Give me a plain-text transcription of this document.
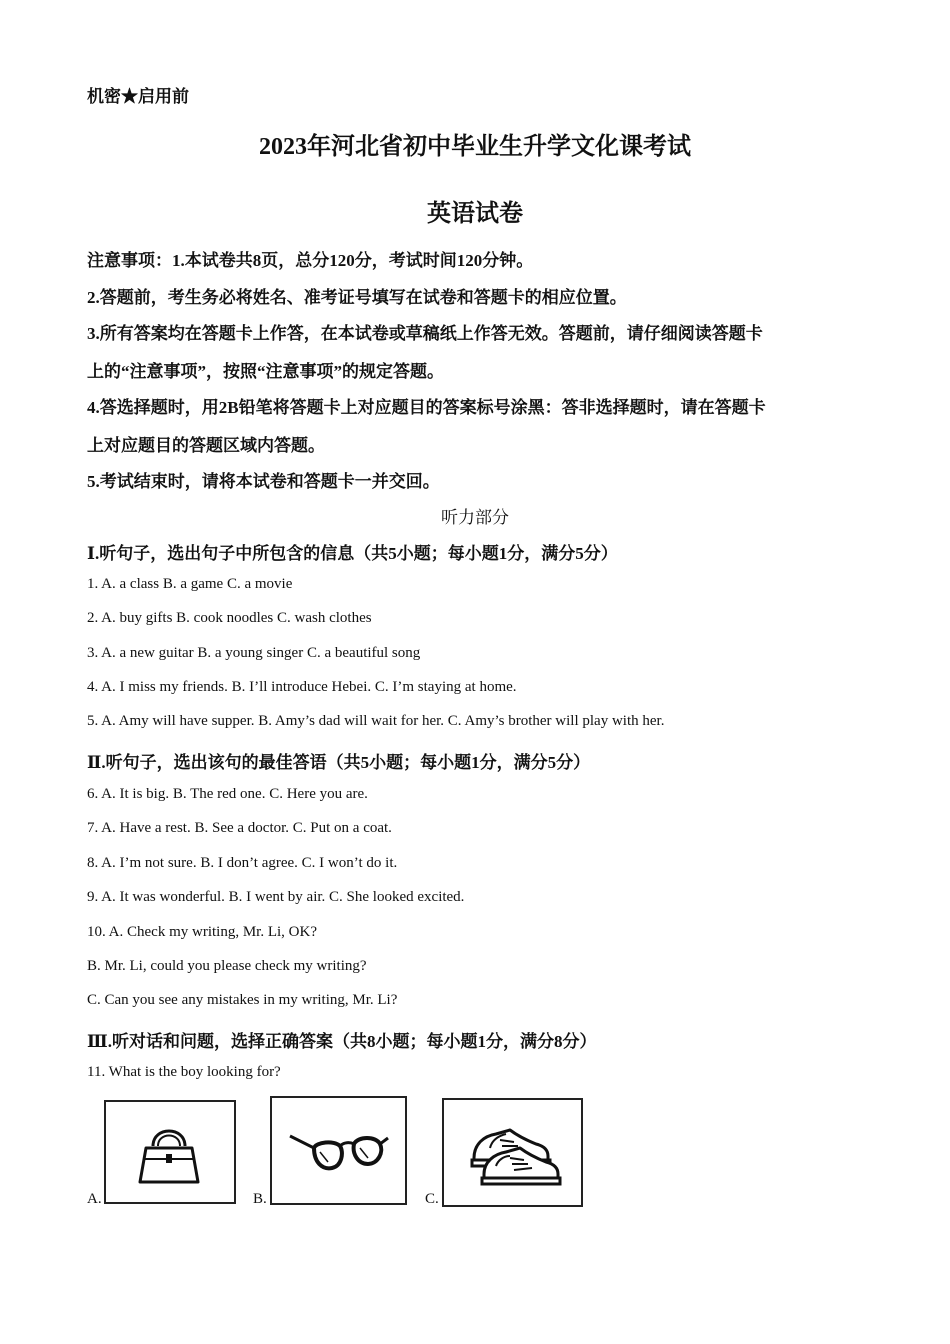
机密★启用前
2023年河北省初中毕业生升学文化课考试
英语试卷
注意事项：1.本试卷共8页，总分120分，考试时间120分钟。
2.答题前，考生务必将姓名、准考证号填写在试卷和答题卡的相应位置。
3.所有答案均在答题卡上作答，在本试卷或草稿纸上作答无效。答题前，请仔细阅读答题卡
上的“注意事项”，按照“注意事项”的规定答题。
4.答选择题时，用2B铅笔将答题卡上对应题目的答案标号涂黑：答非选择题时，请在答题卡
上对应题目的答题区域内答题。
5.考试结束时，请将本试卷和答题卡一并交回。
听力部分
Ⅰ.听句子，选出句子中所包含的信息（共5小题；每小题1分，满分5分）
1. A. a class B. a game C. a movie
2. A. buy gifts B. cook noodles C. wash clothes
3. A. a new guitar B. a young singer C. a beautiful song
4. A. I miss my friends. B. I’ll introduce Hebei. C. I’m staying at home.
5. A. Amy will have supper. B. Amy’s dad will wait for her. C. Amy’s brother will play with her.
Ⅱ.听句子，选出该句的最佳答语（共5小题；每小题1分，满分5分）
6. A. It is big. B. The red one. C. Here you are.
7. A. Have a rest. B. See a doctor. C. Put on a coat.
8. A. I’m not sure. B. I don’t agree. C. I won’t do it.
9. A. It was wonderful. B. I went by air. C. She looked excited.
10. A. Check my writing, Mr. Li, OK?
B. Mr. Li, could you please check my writing?
C. Can you see any mistakes in my writing, Mr. Li?
Ⅲ.听对话和问题，选择正确答案（共8小题；每小题1分，满分8分）
11. What is the boy looking for?
A.	B.	C.
